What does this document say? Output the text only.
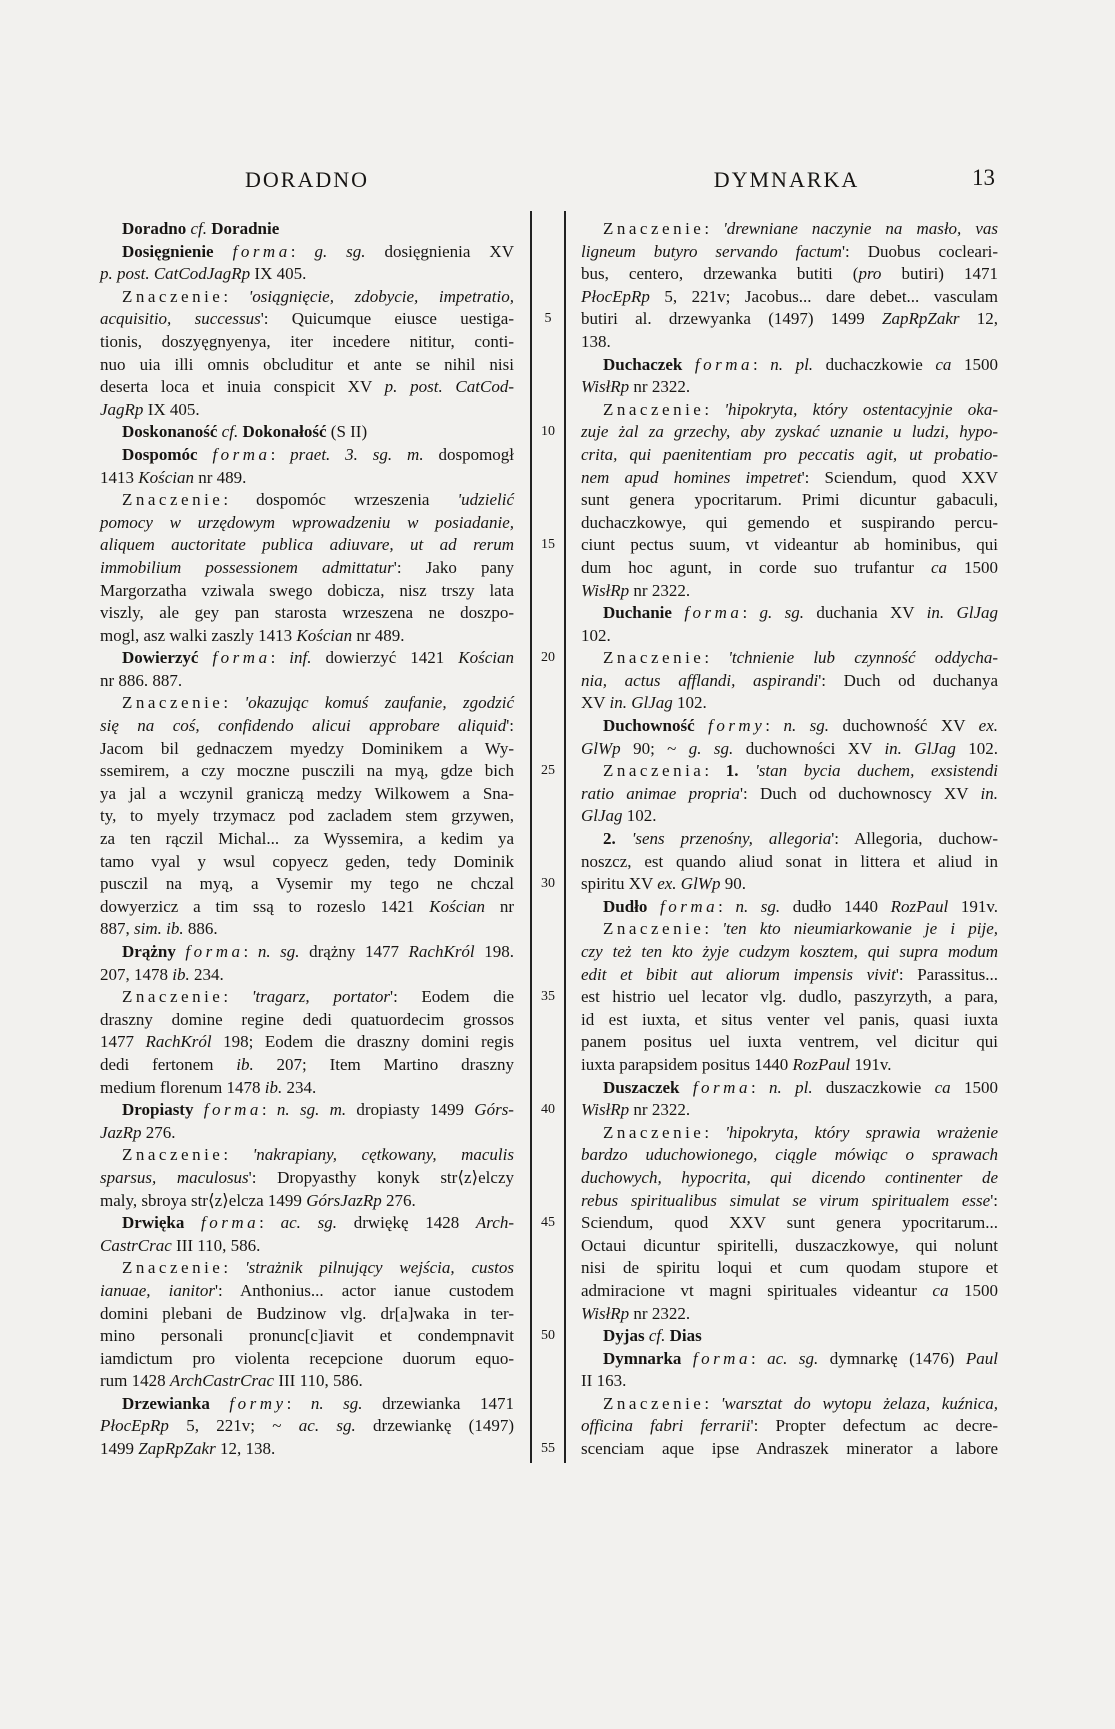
DORADNO	DYMNARKA	13
Doradno cf. Doradnie
Dosięgnienie forma: g. sg. dosięgnienia XV
p. post. CatCodJagRp IX 405.
Znaczenie: 'osiągnięcie, zdobycie, impetratio,
acquisitio, successus': Quicumque eiusce uestiga-
tionis, doszyęgnyenya, iter incedere nititur, conti-
nuo uia illi omnis obcluditur et ante se nihil nisi
deserta loca et inuia conspicit XV p. post. CatCod-
JagRp IX 405.
Doskonaność cf. Dokonałość (S II)
Dospomóc forma: praet. 3. sg. m. dospomogł
1413 Kościan nr 489.
Znaczenie: dospomóc wrzeszenia 'udzielić
pomocy w urzędowym wprowadzeniu w posiadanie,
aliquem auctoritate publica adiuvare, ut ad rerum
immobilium possessionem admittatur': Jako pany
Margorzatha vziwala swego dobicza, nisz trszy lata
viszly, ale gey pan starosta wrzeszena ne doszpo-
mogl, asz walki zaszly 1413 Kościan nr 489.
Dowierzyć forma: inf. dowierzyć 1421 Kościan
nr 886. 887.
Znaczenie: 'okazując komuś zaufanie, zgodzić
się na coś, confidendo alicui approbare aliquid':
Jacom bil gednaczem myedzy Dominikem a Wy-
ssemirem, a czy moczne pusczili na myą, gdze bich
ya jal a wczynil graniczą medzy Wilkowem a Sna-
ty, to myely trzymacz pod zacladem stem grzywen,
za ten rączil Michal... za Wyssemira, a kedim ya
tamo vyal y wsul copyecz geden, tedy Dominik
pusczil na myą, a Vysemir my tego ne chczal
dowyerzicz a tim ssą to rozeslo 1421 Kościan nr
887, sim. ib. 886.
Drążny forma: n. sg. drążny 1477 RachKról 198.
207, 1478 ib. 234.
Znaczenie: 'tragarz, portator': Eodem die
draszny domine regine dedi quatuordecim grossos
1477 RachKról 198; Eodem die draszny domini regis
dedi fertonem ib. 207; Item Martino draszny
medium florenum 1478 ib. 234.
Dropiasty forma: n. sg. m. dropiasty 1499 Górs-
JazRp 276.
Znaczenie: 'nakrapiany, cętkowany, maculis
sparsus, maculosus': Dropyasthy konyk str⟨z⟩elczy
maly, sbroya str⟨z⟩elcza 1499 GórsJazRp 276.
Drwięka forma: ac. sg. drwiękę 1428 Arch-
CastrCrac III 110, 586.
Znaczenie: 'strażnik pilnujący wejścia, custos
ianuae, ianitor': Anthonius... actor ianue custodem
domini plebani de Budzinow vlg. dr[a]waka in ter-
mino personali pronunc[c]iavit et condempnavit
iamdictum pro violenta recepcione duorum equo-
rum 1428 ArchCastrCrac III 110, 586.
Drzewianka formy: n. sg. drzewianka 1471
PłocEpRp 5, 221v; ~ ac. sg. drzewiankę (1497)
1499 ZapRpZakr 12, 138.
5
10
15
20
25
30
35
40
45
50
55
Znaczenie: 'drewniane naczynie na masło, vas
ligneum butyro servando factum': Duobus cocleari-
bus, centero, drzewanka butiti (pro butiri) 1471
PłocEpRp 5, 221v; Jacobus... dare debet... vasculam
butiri al. drzewyanka (1497) 1499 ZapRpZakr 12,
138.
Duchaczek forma: n. pl. duchaczkowie ca 1500
WisłRp nr 2322.
Znaczenie: 'hipokryta, który ostentacyjnie oka-
zuje żal za grzechy, aby zyskać uznanie u ludzi, hypo-
crita, qui paenitentiam pro peccatis agit, ut probatio-
nem apud homines impetret': Sciendum, quod XXV
sunt genera ypocritarum. Primi dicuntur gabaculi,
duchaczkowye, qui gemendo et suspirando percu-
ciunt pectus suum, vt videantur ab hominibus, qui
dum hoc agunt, in corde suo trufantur ca 1500
WisłRp nr 2322.
Duchanie forma: g. sg. duchania XV in. GlJag
102.
Znaczenie: 'tchnienie lub czynność oddycha-
nia, actus afflandi, aspirandi': Duch od duchanya
XV in. GlJag 102.
Duchowność formy: n. sg. duchowność XV ex.
GlWp 90; ~ g. sg. duchowności XV in. GlJag 102.
Znaczenia: 1. 'stan bycia duchem, exsistendi
ratio animae propria': Duch od duchownoscy XV in.
GlJag 102.
2. 'sens przenośny, allegoria': Allegoria, duchow-
noszcz, est quando aliud sonat in littera et aliud in
spiritu XV ex. GlWp 90.
Dudło forma: n. sg. dudło 1440 RozPaul 191v.
Znaczenie: 'ten kto nieumiarkowanie je i pije,
czy też ten kto żyje cudzym kosztem, qui supra modum
edit et bibit aut aliorum impensis vivit': Parassitus...
est histrio uel lecator vlg. dudlo, paszyrzyth, a para,
id est iuxta, et situs venter vel panis, quasi iuxta
panem positus uel iuxta ventrem, vel dicitur qui
iuxta parapsidem positus 1440 RozPaul 191v.
Duszaczek forma: n. pl. duszaczkowie ca 1500
WisłRp nr 2322.
Znaczenie: 'hipokryta, który sprawia wrażenie
bardzo uduchowionego, ciągle mówiąc o sprawach
duchowych, hypocrita, qui dicendo continenter de
rebus spiritualibus simulat se virum spiritualem esse':
Sciendum, quod XXV sunt genera ypocritarum...
Octaui dicuntur spiritelli, duszaczkowye, qui nolunt
nisi de spiritu loqui et cum quodam stupore et
admiracione vt magni spirituales videantur ca 1500
WisłRp nr 2322.
Dyjas cf. Dias
Dymnarka forma: ac. sg. dymnarkę (1476) Paul
II 163.
Znaczenie: 'warsztat do wytopu żelaza, kuźnica,
officina fabri ferrarii': Propter defectum ac decre-
scenciam aque ipse Andraszek minerator a labore
